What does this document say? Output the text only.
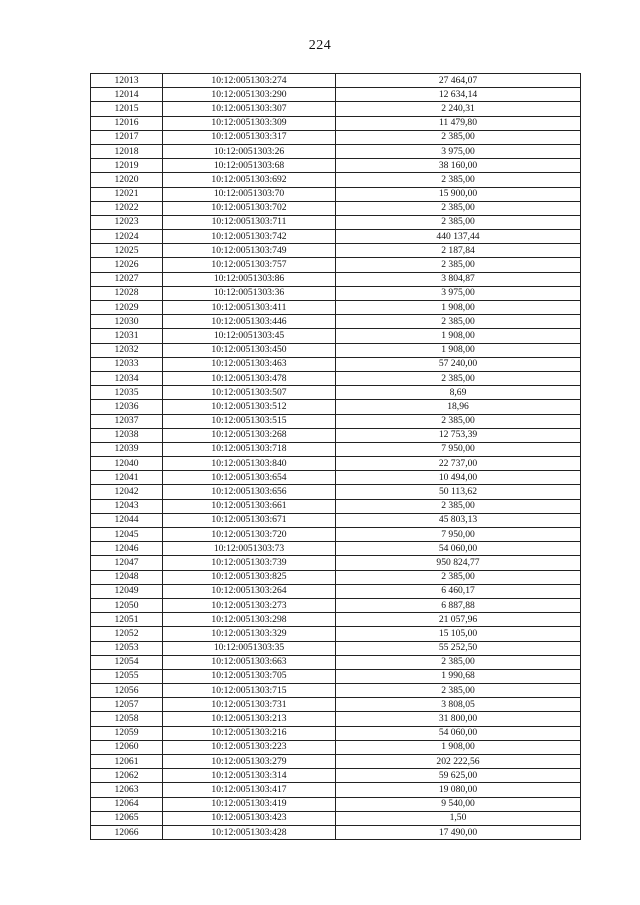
224
12013	10:12:0051303:274	27 464,07
12014	10:12:0051303:290	12 634,14
12015	10:12:0051303:307	2 240,31
12016	10:12:0051303:309	11 479,80
12017	10:12:0051303:317	2 385,00
12018	10:12:0051303:26	3 975,00
12019	10:12:0051303:68	38 160,00
12020	10:12:0051303:692	2 385,00
12021	10:12:0051303:70	15 900,00
12022	10:12:0051303:702	2 385,00
12023	10:12:0051303:711	2 385,00
12024	10:12:0051303:742	440 137,44
12025	10:12:0051303:749	2 187,84
12026	10:12:0051303:757	2 385,00
12027	10:12:0051303:86	3 804,87
12028	10:12:0051303:36	3 975,00
12029	10:12:0051303:411	1 908,00
12030	10:12:0051303:446	2 385,00
12031	10:12:0051303:45	1 908,00
12032	10:12:0051303:450	1 908,00
12033	10:12:0051303:463	57 240,00
12034	10:12:0051303:478	2 385,00
12035	10:12:0051303:507	8,69
12036	10:12:0051303:512	18,96
12037	10:12:0051303:515	2 385,00
12038	10:12:0051303:268	12 753,39
12039	10:12:0051303:718	7 950,00
12040	10:12:0051303:840	22 737,00
12041	10:12:0051303:654	10 494,00
12042	10:12:0051303:656	50 113,62
12043	10:12:0051303:661	2 385,00
12044	10:12:0051303:671	45 803,13
12045	10:12:0051303:720	7 950,00
12046	10:12:0051303:73	54 060,00
12047	10:12:0051303:739	950 824,77
12048	10:12:0051303:825	2 385,00
12049	10:12:0051303:264	6 460,17
12050	10:12:0051303:273	6 887,88
12051	10:12:0051303:298	21 057,96
12052	10:12:0051303:329	15 105,00
12053	10:12:0051303:35	55 252,50
12054	10:12:0051303:663	2 385,00
12055	10:12:0051303:705	1 990,68
12056	10:12:0051303:715	2 385,00
12057	10:12:0051303:731	3 808,05
12058	10:12:0051303:213	31 800,00
12059	10:12:0051303:216	54 060,00
12060	10:12:0051303:223	1 908,00
12061	10:12:0051303:279	202 222,56
12062	10:12:0051303:314	59 625,00
12063	10:12:0051303:417	19 080,00
12064	10:12:0051303:419	9 540,00
12065	10:12:0051303:423	1,50
12066	10:12:0051303:428	17 490,00
